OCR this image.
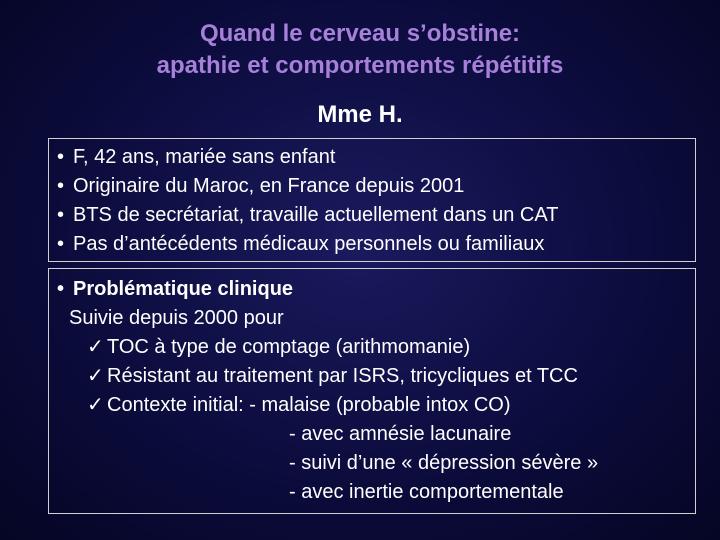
Quand le cerveau s’obstine:
apathie et comportements répétitifs
Mme H.
• F, 42 ans, mariée sans enfant
• Originaire du Maroc, en France depuis 2001
• BTS de secrétariat, travaille actuellement dans un CAT
• Pas d’antécédents médicaux personnels ou familiaux
• Problématique clinique
Suivie depuis 2000 pour
✓ TOC à type de comptage (arithmomanie)
✓ Résistant au traitement par ISRS, tricycliques et TCC
✓ Contexte initial: - malaise (probable intox CO)
- avec amnésie lacunaire
- suivi d’une « dépression sévère »
- avec inertie comportementale
